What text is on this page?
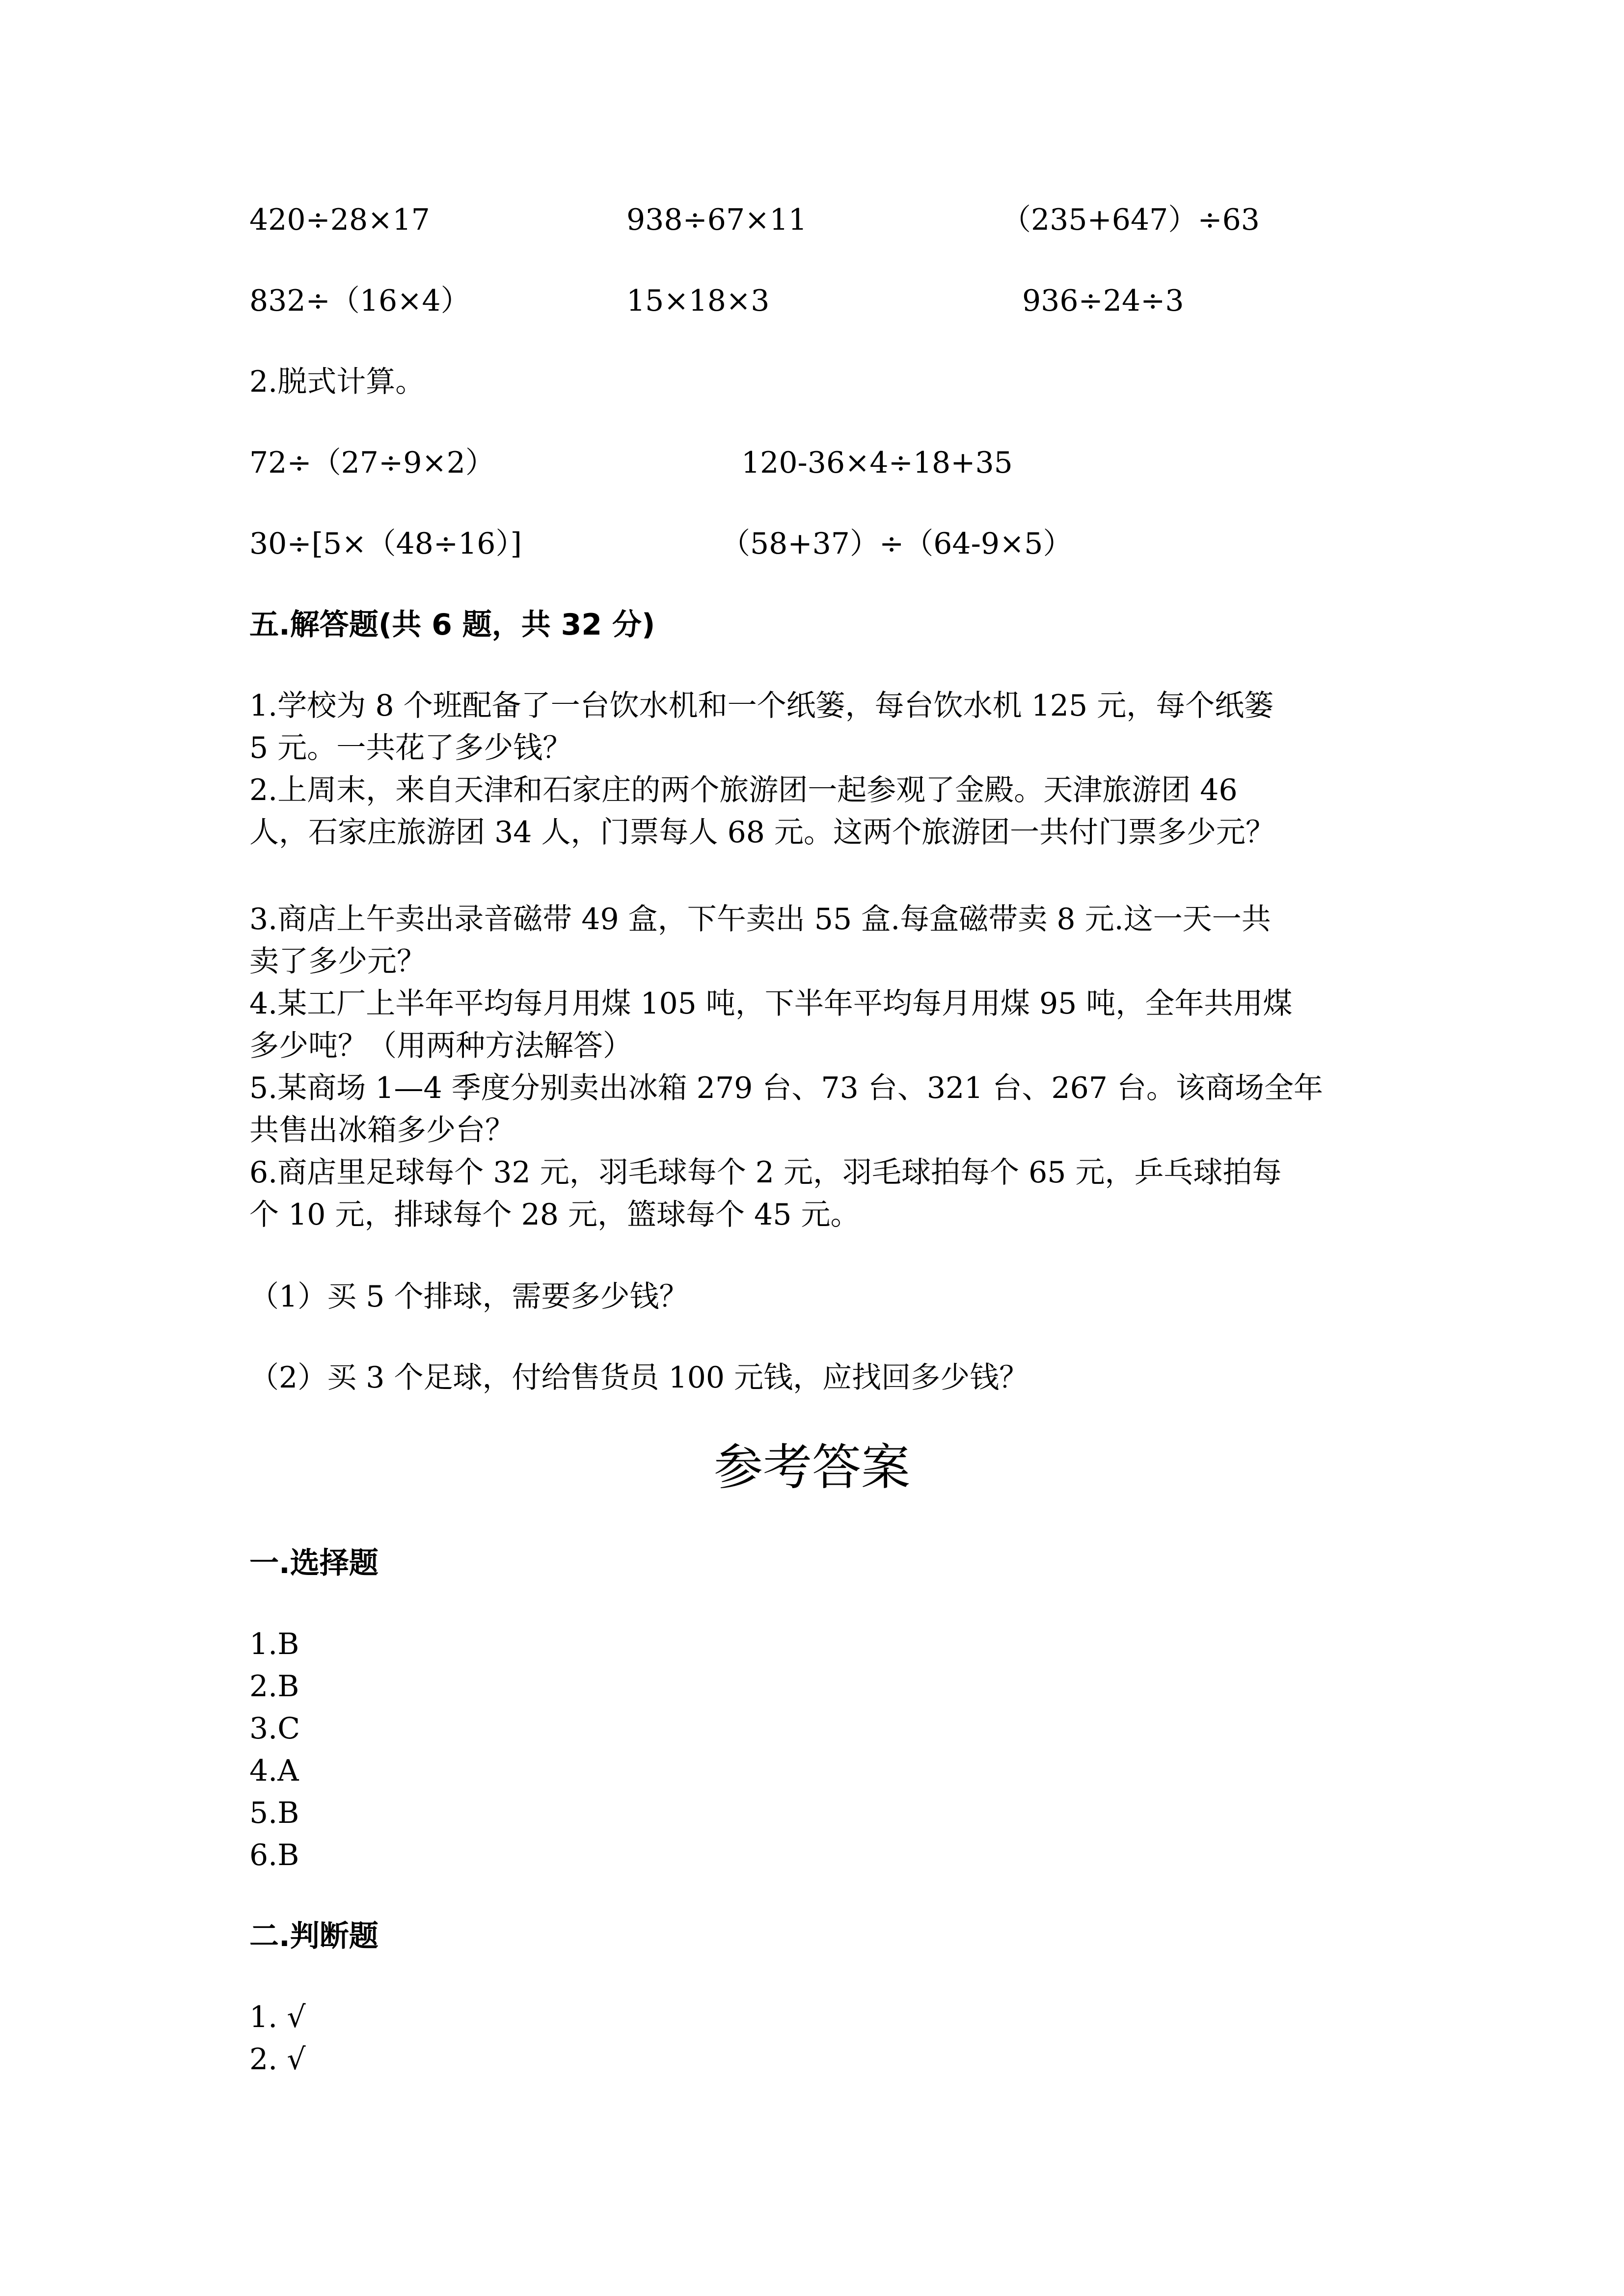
420÷28×17	938÷67×11	（235+647）÷63
832÷（16×4）	15×18×3	936÷24÷3
2.脱式计算。
72÷（27÷9×2）	120-36×4÷18+35
30÷[5×（48÷16）]	（58+37）÷（64-9×5）
五.解答题(共 6 题，共 32 分)
1.学校为 8 个班配备了一台饮水机和一个纸篓，每台饮水机 125 元，每个纸篓
5 元。一共花了多少钱？
2.上周末，来自天津和石家庄的两个旅游团一起参观了金殿。天津旅游团 46
人，石家庄旅游团 34 人，门票每人 68 元。这两个旅游团一共付门票多少元？
3.商店上午卖出录音磁带 49 盒，下午卖出 55 盒.每盒磁带卖 8 元.这一天一共
卖了多少元？
4.某工厂上半年平均每月用煤 105 吨，下半年平均每月用煤 95 吨，全年共用煤
多少吨？（用两种方法解答）
5.某商场 1—4 季度分别卖出冰箱 279 台、73 台、321 台、267 台。该商场全年
共售出冰箱多少台？
6.商店里足球每个 32 元，羽毛球每个 2 元，羽毛球拍每个 65 元，乒乓球拍每
个 10 元，排球每个 28 元，篮球每个 45 元。
（1）买 5 个排球，需要多少钱？
（2）买 3 个足球，付给售货员 100 元钱，应找回多少钱？
参考答案
一.选择题
1.B
2.B
3.C
4.A
5.B
6.B
二.判断题
1. √
2. √
